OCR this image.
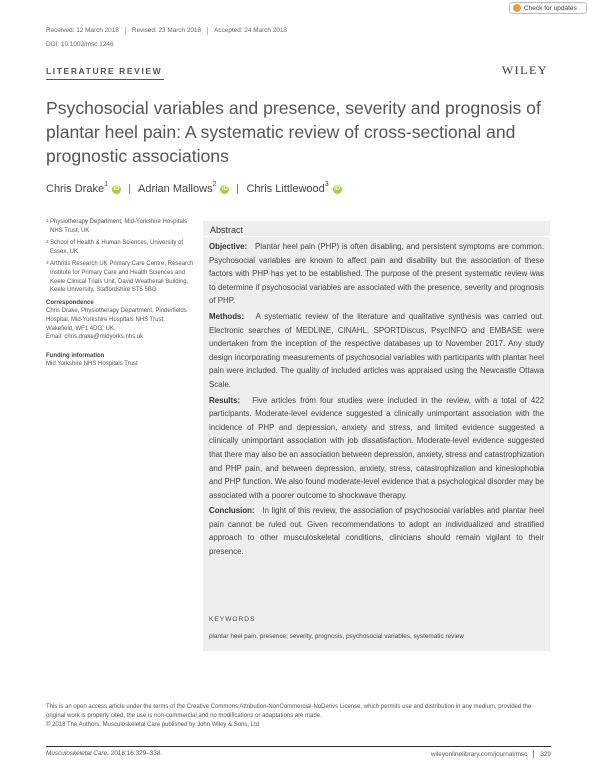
Check for updates
Received: 12 March 2018 Revised: 23 March 2018 Accepted: 24 March 2018
DOI: 10.1002/msc.1246
LITERATURE REVIEW	WILEY
Psychosocial variables and presence, severity and prognosis of plantar heel pain: A systematic review of cross-sectional and prognostic associations
Chris Drake$^1$
iD Adrian Mallows$^2$
iD Chris Littlewood$^3$
iD
1 Physiotherapy Department, Mid-Yorkshire Hospitals NHS Trust, UK
2 School of Health & Human Sciences, University of Essex, UK
3 Arthritis Research UK Primary Care Centre, Research Institute for Primary Care and Health Sciences and Keele Clinical Trials Unit, David Weatherall Building, Keele University, Staffordshire ST5 5BG
Correspondence
Chris Drake, Physiotherapy Department, Pinderfields Hospital, Mid-Yorkshire Hospitals NHS Trust, Wakefield, WF1 4DG, UK.
Email: chris.drake@midyorks.nhs.uk
Funding information
Mid Yorkshire NHS Hospitals Trust
Abstract

Objective: Plantar heel pain (PHP) is often disabling, and persistent symptoms are common. Psychosocial variables are known to affect pain and disability but the association of these factors with PHP has yet to be established. The purpose of the present systematic review was to determine if psychosocial variables are associated with the presence, severity and prognosis of PHP.

Methods: A systematic review of the literature and qualitative synthesis was carried out. Electronic searches of MEDLINE, CINAHL, SPORTDiscus, PsycINFO and EMBASE were undertaken from the inception of the respective databases up to November 2017. Any study design incorporating measurements of psychosocial variables with participants with plantar heel pain were included. The quality of included articles was appraised using the Newcastle Ottawa Scale.

Results: Five articles from four studies were included in the review, with a total of 422 participants. Moderate-level evidence suggested a clinically unimportant association with the incidence of PHP and depression, anxiety and stress, and limited evidence suggested a clinically unimportant association with job dissatisfaction. Moderate-level evidence suggested that there may also be an association between depression, anxiety, stress and catastrophization and PHP pain, and between depression, anxiety, stress, catastrophization and kinesiophobia and PHP function. We also found moderate-level evidence that a psychological disorder may be associated with a poorer outcome to shockwave therapy.

Conclusion: In light of this review, the association of psychosocial variables and plantar heel pain cannot be ruled out. Given recommendations to adopt an individualized and stratified approach to other musculoskeletal conditions, clinicians should remain vigilant to their presence.

KEYWORDS
plantar heel pain, presence; severity, prognosis, psychosocial variables, systematic review
This is an open access article under the terms of the Creative Commons Attribution-NonCommercial-NoDerivs License, which permits use and distribution in any medium, provided the original work is properly cited, the use is non-commercial and no modifications or adaptations are made.
© 2018 The Authors. Musculoskeletal Care published by John Wiley & Sons, Ltd
Musculoskeletal Care. 2018;16:329–338.	wileyonlinelibrary.com/journal/msc 329
